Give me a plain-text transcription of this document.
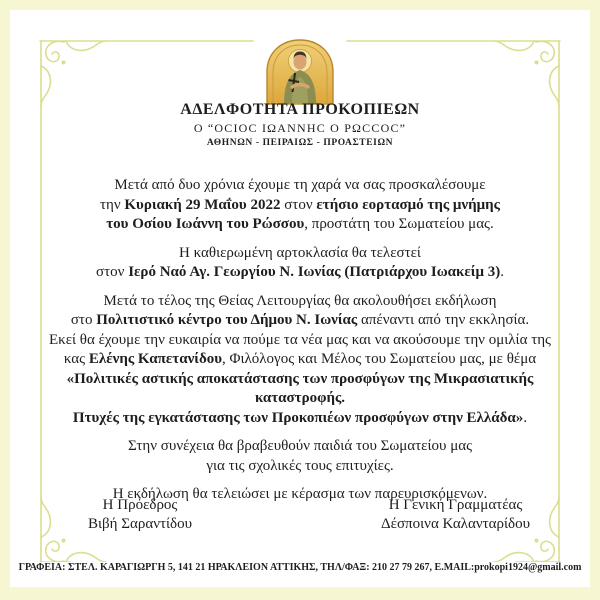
ΑΔΕΛΦΟΤΗΤΑ ΠΡΟΚΟΠΙΕΩΝ
Ο “ΟCΙΟC ΙΩΑΝΝΗC Ο ΡΩCCΟC”
ΑΘΗΝΩΝ - ΠΕΙΡΑΙΩΣ - ΠΡΟΑΣΤΕΙΩΝ
Μετά από δυο χρόνια έχουμε τη χαρά να σας προσκαλέσουμε
την Κυριακή 29 Μαΐου 2022 στον ετήσιο εορτασμό της μνήμης
του Οσίου Ιωάννη του Ρώσσου, προστάτη του Σωματείου μας.
Η καθιερωμένη αρτοκλασία θα τελεστεί
στον Ιερό Ναό Αγ. Γεωργίου Ν. Ιωνίας (Πατριάρχου Ιωακείμ 3).
Μετά το τέλος της Θείας Λειτουργίας θα ακολουθήσει εκδήλωση
στο Πολιτιστικό κέντρο του Δήμου Ν. Ιωνίας απέναντι από την εκκλησία.
Εκεί θα έχουμε την ευκαιρία να πούμε τα νέα μας και να ακούσουμε την ομιλία της
κας Ελένης Καπετανίδου, Φιλόλογος και Μέλος του Σωματείου μας, με θέμα
«Πολιτικές αστικής αποκατάστασης των προσφύγων της Μικρασιατικής καταστροφής.
Πτυχές της εγκατάστασης των Προκοπιέων προσφύγων στην Ελλάδα».
Στην συνέχεια θα βραβευθούν παιδιά του Σωματείου μας
για τις σχολικές τους επιτυχίες.
Η εκδήλωση θα τελειώσει με κέρασμα των παρευρισκόμενων.
Η Πρόεδρος
Βιβή Σαραντίδου
Η Γενική Γραμματέας
Δέσποινα Καλανταρίδου
ΓΡΑΦΕΙΑ: ΣΤΕΛ. ΚΑΡΑΓΙΩΡΓΗ 5, 141 21 ΗΡΑΚΛΕΙΟΝ ΑΤΤΙΚΗΣ, ΤΗΛ/ΦΑΞ: 210 27 79 267, E.MAIL:prokopi1924@gmail.com
